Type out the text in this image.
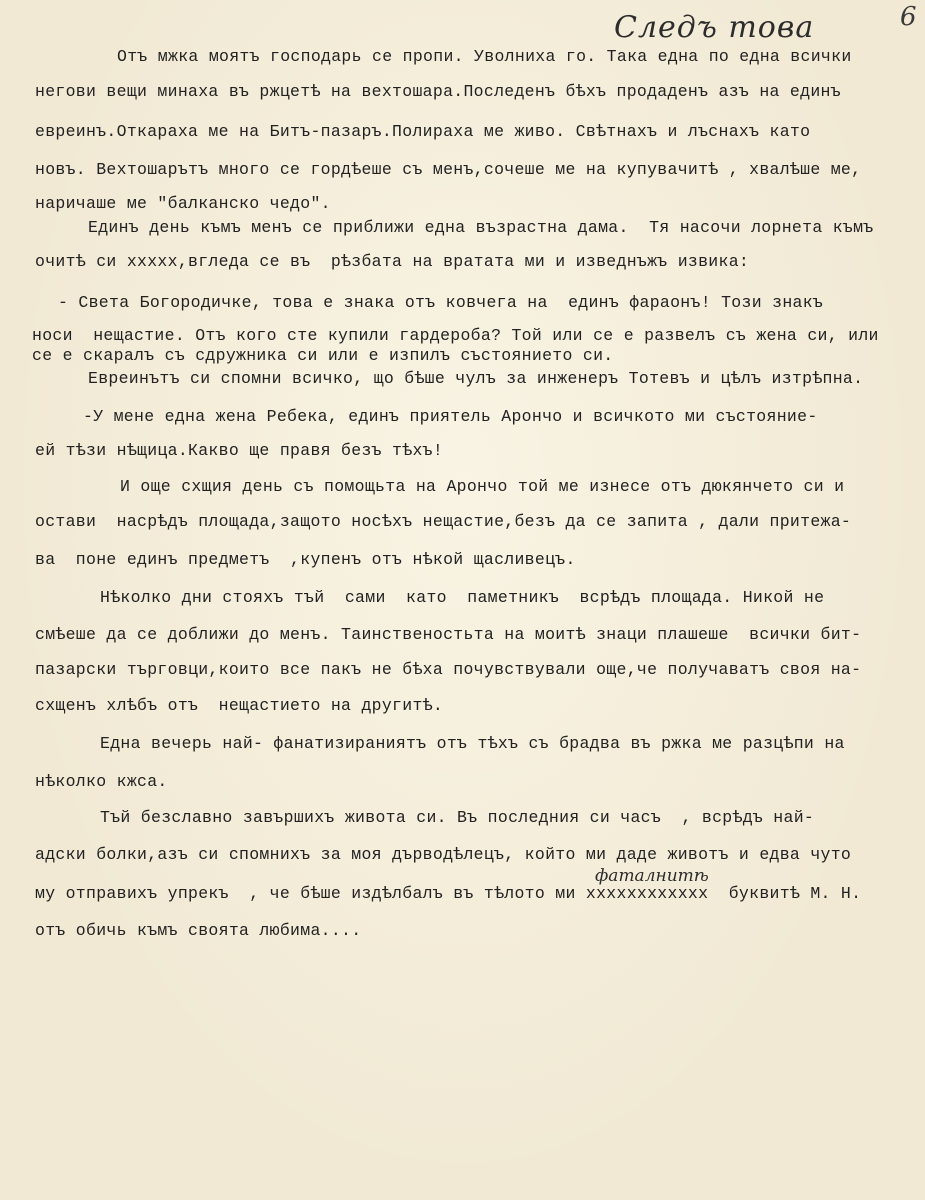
6
Следъ това
фаталнитѣ
Отъ мжка моятъ господарь се пропи. Уволниха го. Така една по една всички
негови вещи минаха въ ржцетѣ на вехтошара.Последенъ бѣхъ продаденъ азъ на единъ
евреинъ.Откараха ме на Битъ-пазаръ.Полираха ме живо. Свѣтнахъ и лъснахъ като
новъ. Вехтошарътъ много се гордѣеше съ менъ,сочеше ме на купувачитѣ , хвалѣше ме,
наричаше ме "балканско чедо".
Единъ день къмъ менъ се приближи една възрастна дама.  Тя насочи лорнета къмъ
очитѣ си ххххх,вгледа се въ  рѣзбата на вратата ми и изведнъжъ извика:
- Света Богородичке, това е знака отъ ковчега на  единъ фараонъ! Този знакъ
носи  нещастие. Отъ кого сте купили гардероба? Той или се е развелъ съ жена си, или
се е скаралъ съ сдружника си или е изпилъ състоянието си.
Евреинътъ си спомни всичко, що бѣше чулъ за инженеръ Тотевъ и цѣлъ изтрѣпна.
-У мене една жена Ребека, единъ приятель Арончо и всичкото ми състояние-
ей тѣзи нѣщица.Какво ще правя безъ тѣхъ!
И още схщия день съ помощьта на Арончо той ме изнесе отъ дюкянчето си и
остави  насрѣдъ площада,защото носѣхъ нещастие,безъ да се запита , дали притежа-
ва  поне единъ предметъ  ,купенъ отъ нѣкой щасливецъ.
Нѣколко дни стояхъ тъй  сами  като  паметникъ  всрѣдъ площада. Никой не
смѣеше да се доближи до менъ. Таинственостьта на моитѣ знаци плашеше  всички бит-
пазарски търговци,които все пакъ не бѣха почувствували още,че получаватъ своя на-
схщенъ хлѣбъ отъ  нещастието на другитѣ.
Една вечерь най- фанатизираниятъ отъ тѣхъ съ брадва въ ржка ме разцѣпи на
нѣколко кжса.
Тъй безславно завършихъ живота си. Въ последния си часъ  , всрѣдъ най-
адски болки,азъ си спомнихъ за моя дърводѣлецъ, който ми даде животъ и едва чуто
му отправихъ упрекъ  , че бѣше издѣлбалъ въ тѣлото ми хххххххххххх  буквитѣ М. Н.
отъ обичь къмъ своята любима....
